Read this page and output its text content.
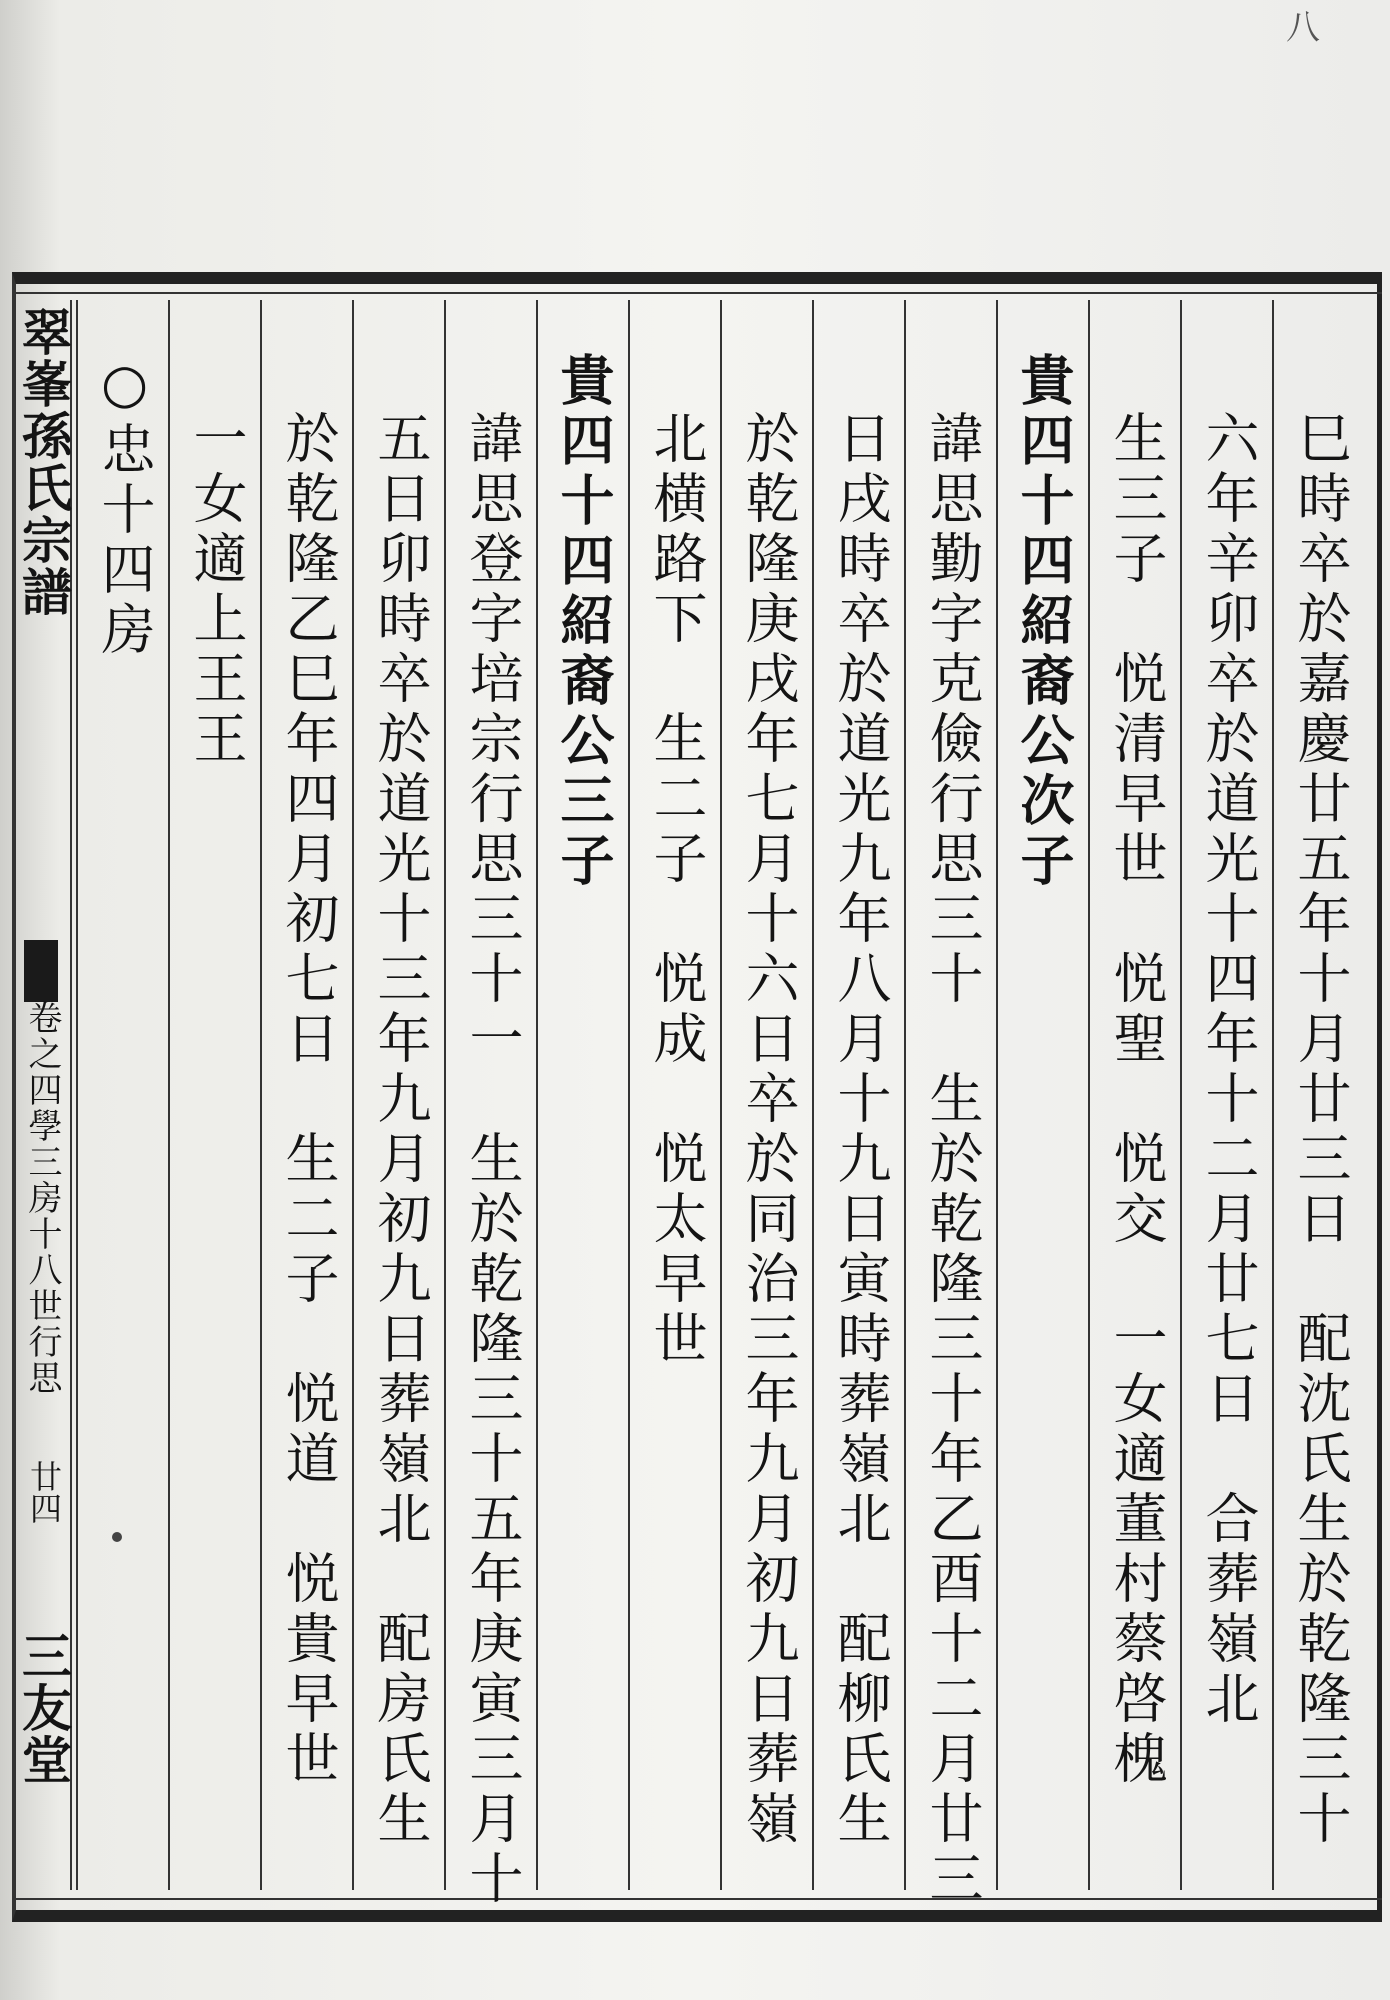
八
翠峯孫氏宗譜
卷之四學三房十八世行思
廿四
三友堂	巳時卒於嘉慶廿五年十月廿三日　配沈氏生於乾隆三十
六年辛卯卒於道光十四年十二月廿七日　合葬嶺北
生三子　悦清早世　悦聖　悦交　一女適董村蔡啓槐
貴四十四紹裔公次子
諱思勤字克儉行思三十　生於乾隆三十年乙酉十二月廿三
日戌時卒於道光九年八月十九日寅時葬嶺北　配柳氏生
於乾隆庚戌年七月十六日卒於同治三年九月初九日葬嶺
北横路下　生二子　悦成　悦太早世
貴四十四紹裔公三子
諱思登字培宗行思三十一　生於乾隆三十五年庚寅三月十
五日卯時卒於道光十三年九月初九日葬嶺北　配房氏生
於乾隆乙巳年四月初七日　生二子　悦道　悦貴早世
一女適上王王
○忠十四房
